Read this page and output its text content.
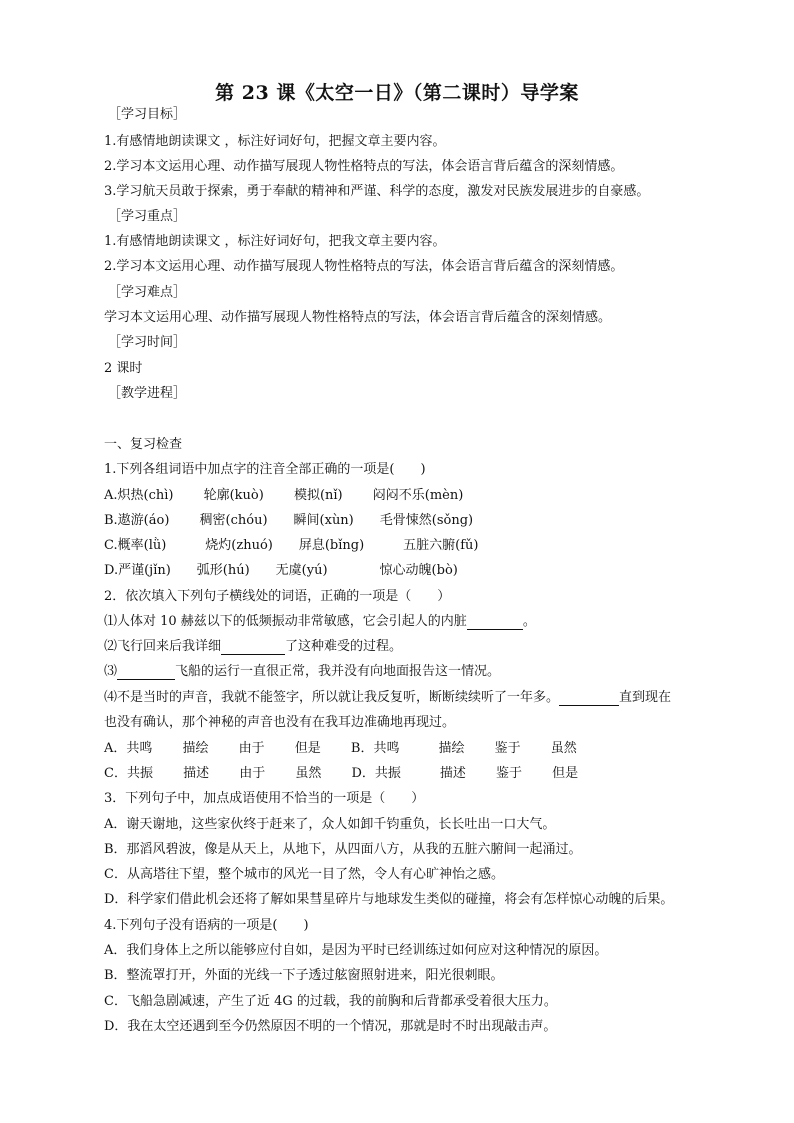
第 23 课《太空一日》（第二课时）导学案
［学习目标］
1.有感情地朗读课文 ，标注好词好句，把握文章主要内容。
2.学习本文运用心理、动作描写展现人物性格特点的写法，体会语言背后蕴含的深刻情感。
3.学习航天员敢于探索，勇于奉献的精神和严谨、科学的态度，激发对民族发展进步的自豪感。
［学习重点］
1.有感情地朗读课文 ，标注好词好句，把我文章主要内容。
2.学习本文运用心理、动作描写展现人物性格特点的写法，体会语言背后蕴含的深刻情感。
［学习难点］
学习本文运用心理、动作描写展现人物性格特点的写法，体会语言背后蕴含的深刻情感。
［学习时间］
2 课时
［教学进程］
一、复习检查
1.下列各组词语中加点字的注音全部正确的一项是(　　)
A.炽热(chì)　　 轮廓(kuò)　　 模拟(nǐ)　　 闷闷不乐(mèn)
B.遨游(áo)　　 稠密(chóu)　　瞬间(xùn)　　毛骨悚然(sǒng)
C.概率(lǜ)　　　烧灼(zhuó)　　屏息(bǐng)　　　五脏六腑(fǔ)
D.严谨(jǐn)　　弧形(hú)　　无虞(yú)　　　　惊心动魄(bò)
2．依次填入下列句子横线处的词语，正确的一项是（　　）
⑴人体对 10 赫兹以下的低频振动非常敏感，它会引起人的内脏	。
⑵飞行回来后我详细	了这种难受的过程。
⑶	飞船的运行一直很正常，我并没有向地面报告这一情况。
⑷不是当时的声音，我就不能签字，所以就让我反复听，断断续续听了一年多。	直到现在
也没有确认，那个神秘的声音也没有在我耳边准确地再现过。
A．共鸣　　 描绘　　 由于　　 但是　　 B．共鸣　　　描绘　　 鉴于　　 虽然
C．共振　　 描述　　 由于　　 虽然　　 D．共振　　　描述　　 鉴于　　 但是
3．下列句子中，加点成语使用不恰当的一项是（　　）
A．谢天谢地，这些家伙终于赶来了，众人如卸千钧重负，长长吐出一口大气。
B．那滔风碧波，像是从天上，从地下，从四面八方，从我的五脏六腑间一起涌过。
C．从高塔往下望，整个城市的风光一目了然，令人有心旷神怡之感。
D．科学家们借此机会还将了解如果彗星碎片与地球发生类似的碰撞，将会有怎样惊心动魄的后果。
4.下列句子没有语病的一项是(　　)
A．我们身体上之所以能够应付自如，是因为平时已经训练过如何应对这种情况的原因。
B．整流罩打开，外面的光线一下子透过舷窗照射进来，阳光很刺眼。
C．飞船急剧减速，产生了近 4G 的过载，我的前胸和后背都承受着很大压力。
D．我在太空还遇到至今仍然原因不明的一个情况，那就是时不时出现敲击声。
